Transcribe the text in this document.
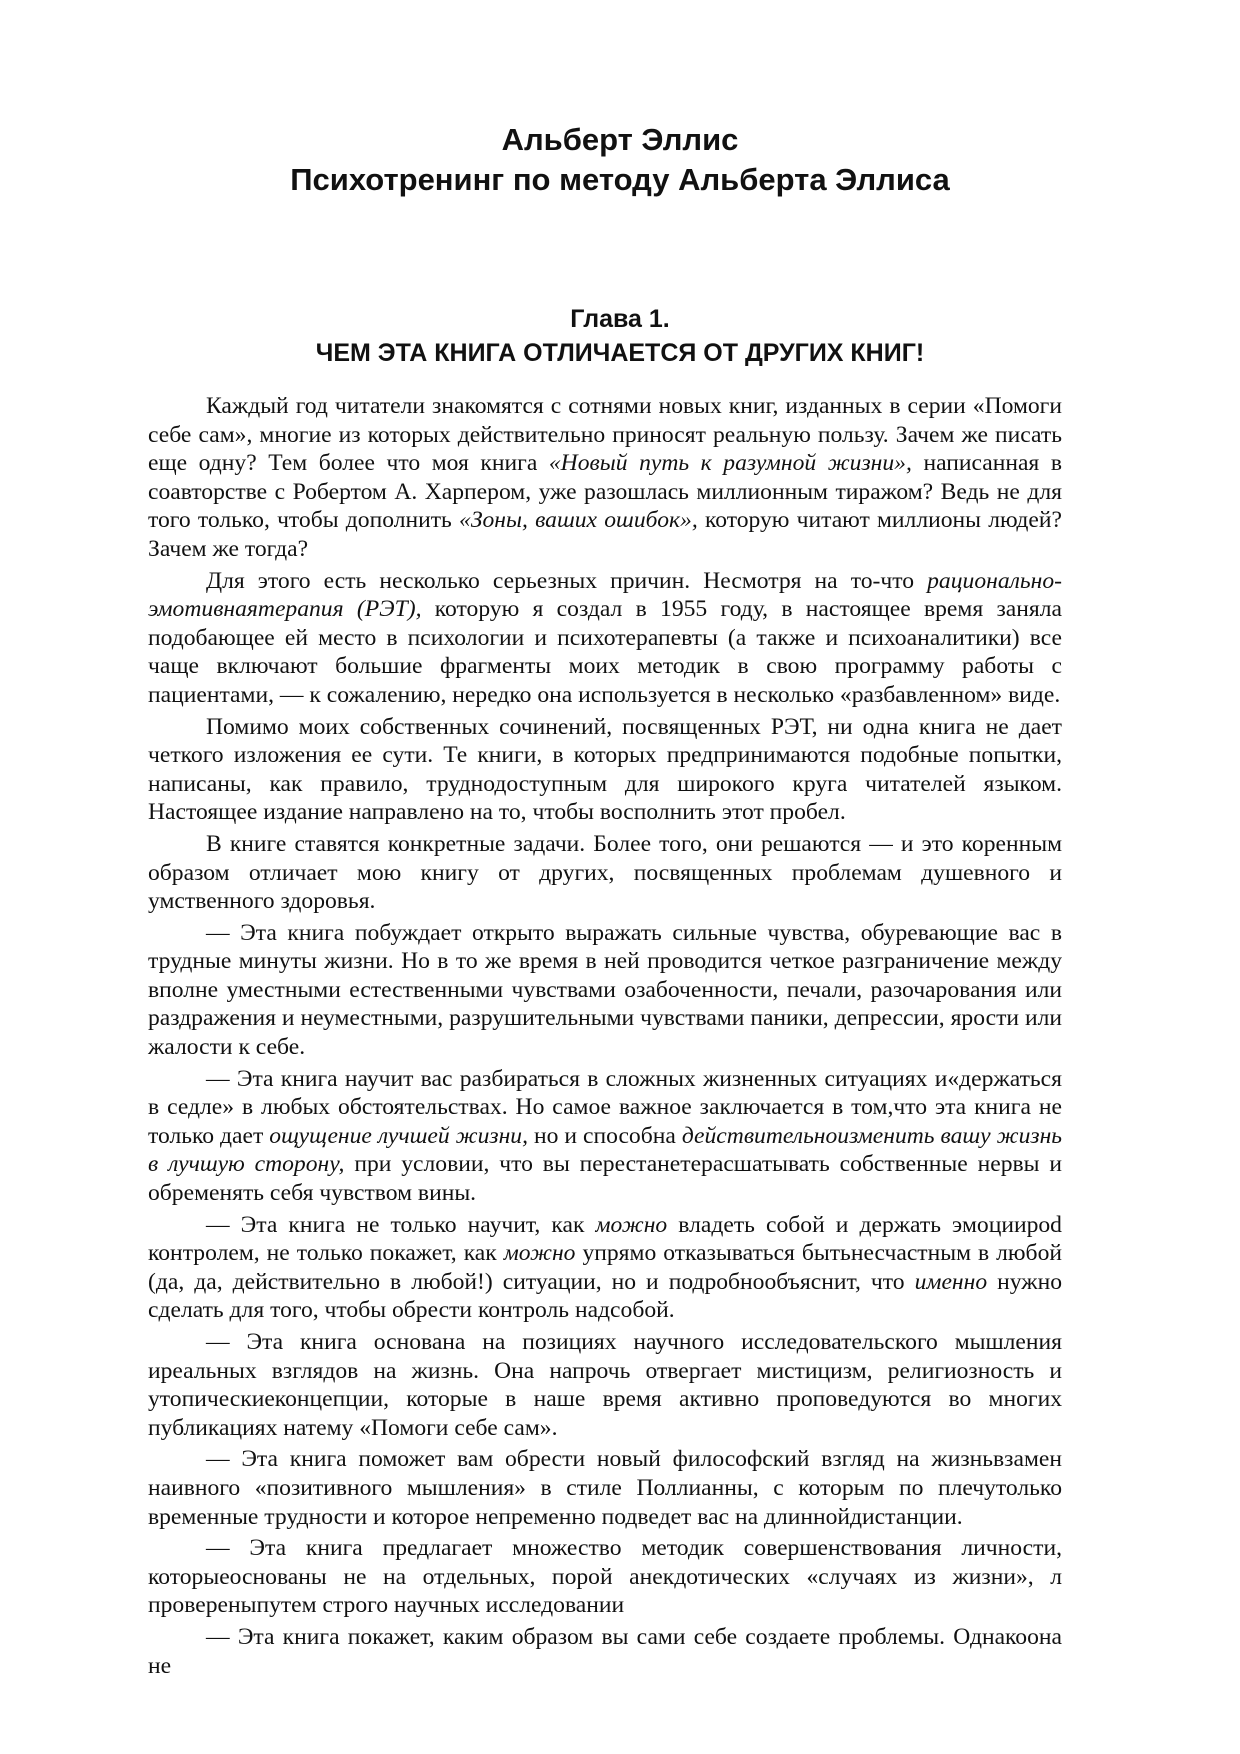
Альберт Эллис
Психотренинг по методу Альберта Эллиса
Глава 1.
ЧЕМ ЭТА КНИГА ОТЛИЧАЕТСЯ ОТ ДРУГИХ КНИГ!

Каждый год читатели знакомятся с сотнями новых книг, изданных в серии «Помоги себе сам», многие из которых действительно приносят реальную пользу. Зачем же писать еще одну? Тем более что моя книга «Новый путь к разумной жизни», написанная в соавторстве с Робертом А. Харпером, уже разошлась миллионным тиражом? Ведь не для того только, чтобы дополнить «Зоны, ваших ошибок», которую читают миллионы людей? Зачем же тогда?

Для этого есть несколько серьезных причин. Несмотря на то-что рационально-эмотивнаятерапия (РЭТ), которую я создал в 1955 году, в настоящее время заняла подобающее ей место в психологии и психотерапевты (а также и психоаналитики) все чаще включают большие фрагменты моих методик в свою программу работы с пациентами, — к сожалению, нередко она используется в несколько «разбавленном» виде.

Помимо моих собственных сочинений, посвященных РЭТ, ни одна книга не дает четкого изложения ее сути. Те книги, в которых предпринимаются подобные попытки, написаны, как правило, труднодоступным для широкого круга читателей языком. Настоящее издание направлено на то, чтобы восполнить этот пробел.

В книге ставятся конкретные задачи. Более того, они решаются — и это коренным образом отличает мою книгу от других, посвященных проблемам душевного и умственного здоровья.

— Эта книга побуждает открыто выражать сильные чувства, обуревающие вас в трудные минуты жизни. Но в то же время в ней проводится четкое разграничение между вполне уместными естественными чувствами озабоченности, печали, разочарования или раздражения и неуместными, разрушительными чувствами паники, депрессии, ярости или жалости к себе.

— Эта книга научит вас разбираться в сложных жизненных ситуациях и«держаться в седле» в любых обстоятельствах. Но самое важное заключается в том,что эта книга не только дает ощущение лучшей жизни, но и способна действительноизменить вашу жизнь в лучшую сторону, при условии, что вы перестанетерасшатывать собственные нервы и обременять себя чувством вины.

— Эта книга не только научит, как можно владеть собой и держать эмоцииpod контролем, не только покажет, как можно упрямо отказываться бытьнесчастным в любой (да, да, действительно в любой!) ситуации, но и подробнообъяснит, что именно нужно сделать для того, чтобы обрести контроль надсобой.

— Эта книга основана на позициях научного исследовательского мышления иреальных взглядов на жизнь. Она напрочь отвергает мистицизм, религиозность и утопическиеконцепции, которые в наше время активно проповедуются во многих публикациях натему «Помоги себе сам».

— Эта книга поможет вам обрести новый философский взгляд на жизньвзамен наивного «позитивного мышления» в стиле Поллианны, с которым по плечутолько временные трудности и которое непременно подведет вас на длиннойдистанции.

— Эта книга предлагает множество методик совершенствования личности, которыеоснованы не на отдельных, порой анекдотических «случаях из жизни», л провереныпутем строго научных исследовании

— Эта книга покажет, каким образом вы сами себе создаете проблемы. Однакоона не
